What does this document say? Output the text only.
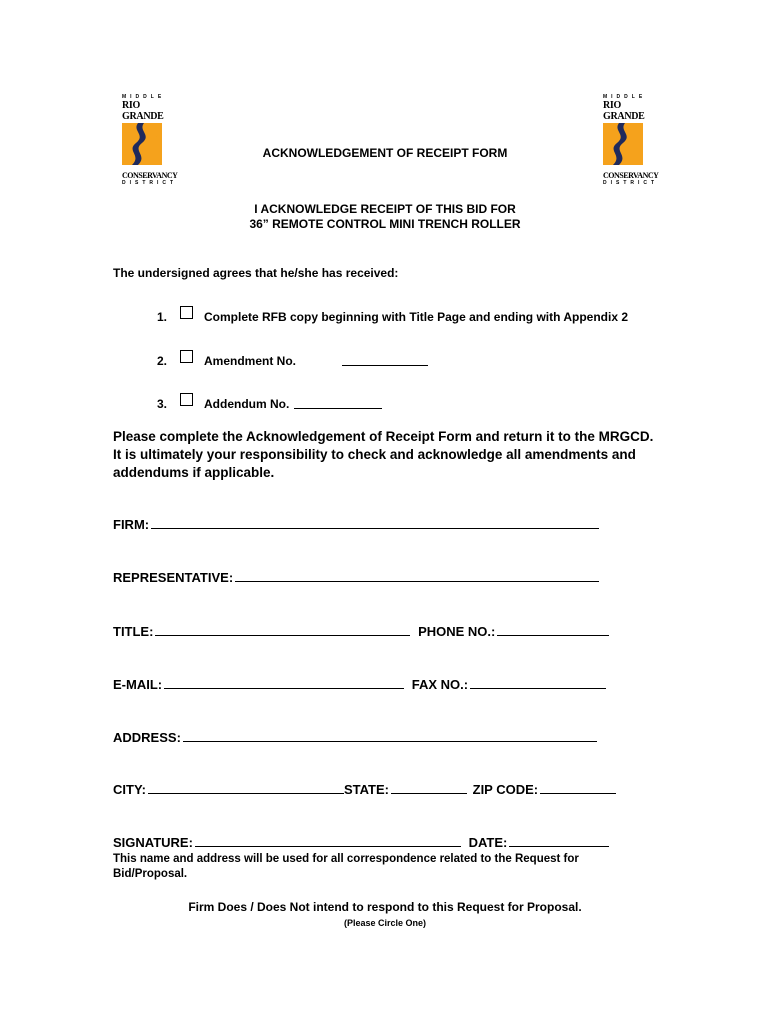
MIDDLE
RIO GRANDE
CONSERVANCY
DISTRICT
MIDDLE
RIO GRANDE
CONSERVANCY
DISTRICT
ACKNOWLEDGEMENT OF RECEIPT FORM
I ACKNOWLEDGE RECEIPT OF THIS BID FOR
36” REMOTE CONTROL MINI TRENCH ROLLER
The undersigned agrees that he/she has received:
1.	Complete RFB copy beginning with Title Page and ending with Appendix 2
2.	Amendment No.
3.	Addendum No.
Please complete the Acknowledgement of Receipt Form and return it to the MRGCD.
It is ultimately your responsibility to check and acknowledge all amendments and
addendums if applicable.
FIRM:
REPRESENTATIVE:
TITLE:	PHONE NO.:
E-MAIL:	FAX NO.:
ADDRESS:
CITY:	STATE:	ZIP CODE:
SIGNATURE:	DATE:
This name and address will be used for all correspondence related to the Request for
Bid/Proposal.
Firm Does / Does Not intend to respond to this Request for Proposal.
(Please Circle One)
